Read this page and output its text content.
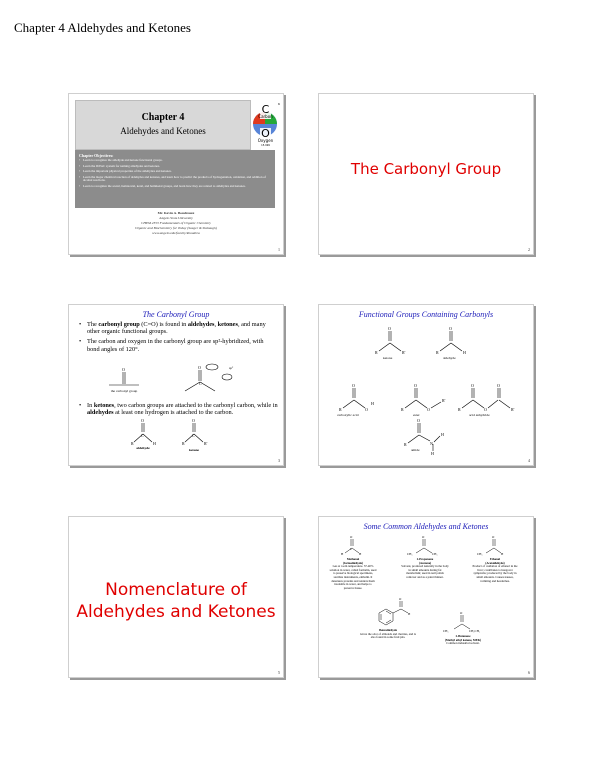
Chapter 4 Aldehydes and Ketones
Chapter 4
Aldehydes and Ketones
C
Carbon
O
Oxygen
6
15.999
Chapter Objectives:
• Learn to recognize the aldehyde and ketone functional groups.
• Learn the IUPAC system for naming aldehydes and ketones.
• Learn the important physical properties of the aldehydes and ketones.
• Learn the major chemical reaction of aldehydes and ketones, and learn how to predict the products of hydrogenation, oxidation, and addition of alcohol reactions.
• Learn to recognize the acetal, hemiacetal, ketal, and hemiketal groups, and learn how they are related to aldehydes and ketones.
Mr. Kevin A. Boudreaux
Angelo State University
CHEM 2353 Fundamentals of Organic Chemistry
Organic and Biochemistry for Today (Seager & Slabaugh)
www.angelo.edu/faculty/kboudrea
1
The Carbonyl Group
2
The Carbonyl Group
• The carbonyl group (C=O) is found in aldehydes, ketones, and many other organic functional groups.
• The carbon and oxygen in the carbonyl group are sp²-hybridized, with bond angles of 120°.
O	O
C
O
C
R	H
O
C
R	R'
sp²
the carbonyl group
• In ketones, two carbon groups are attached to the carbonyl carbon, while in aldehydes at least one hydrogen is attached to the carbon.
aldehyde	ketone
3
Functional Groups Containing Carbonyls
O
R	R'
O
R	H
O
R	O
H
O
R	O
R'
O
R	O
O
R'
O
R	N
H
H
ketone	aldehyde
carboxylic acid	ester	acid anhydride
amide
4
Nomenclature of
Aldehydes and Ketones
5
Some Common Aldehydes and Ketones
O
H	H
C
O
CH₃	CH₃
O
CH₃	H
O
H	O
CH₃	CH₂CH₃
Methanal
(formaldehyde)
Gas at room temperature. 37-40% solution in water, called formalin, used to preserve biological specimens, sterilize instruments, embalm. It denatures proteins and renders them insoluble in water, and helps to preserve tissue.
2-Propanone
(Acetone)
Solvent, produced naturally in the body in small amounts during fat metabolism; used in nail polish remover and as a paint thinner.
Ethanal
(Acetaldehyde)
Product of oxidation of ethanol in the liver; contributes to hangover symptoms; produced by the body in small amounts. Causes nausea, vomiting and headaches.
Benzaldehyde
Gives the odor of almonds and cherries, and is also found in some fruit pits.	2-Butanone
(Methyl ethyl ketone, MEK)
Common industrial solvent.
6
